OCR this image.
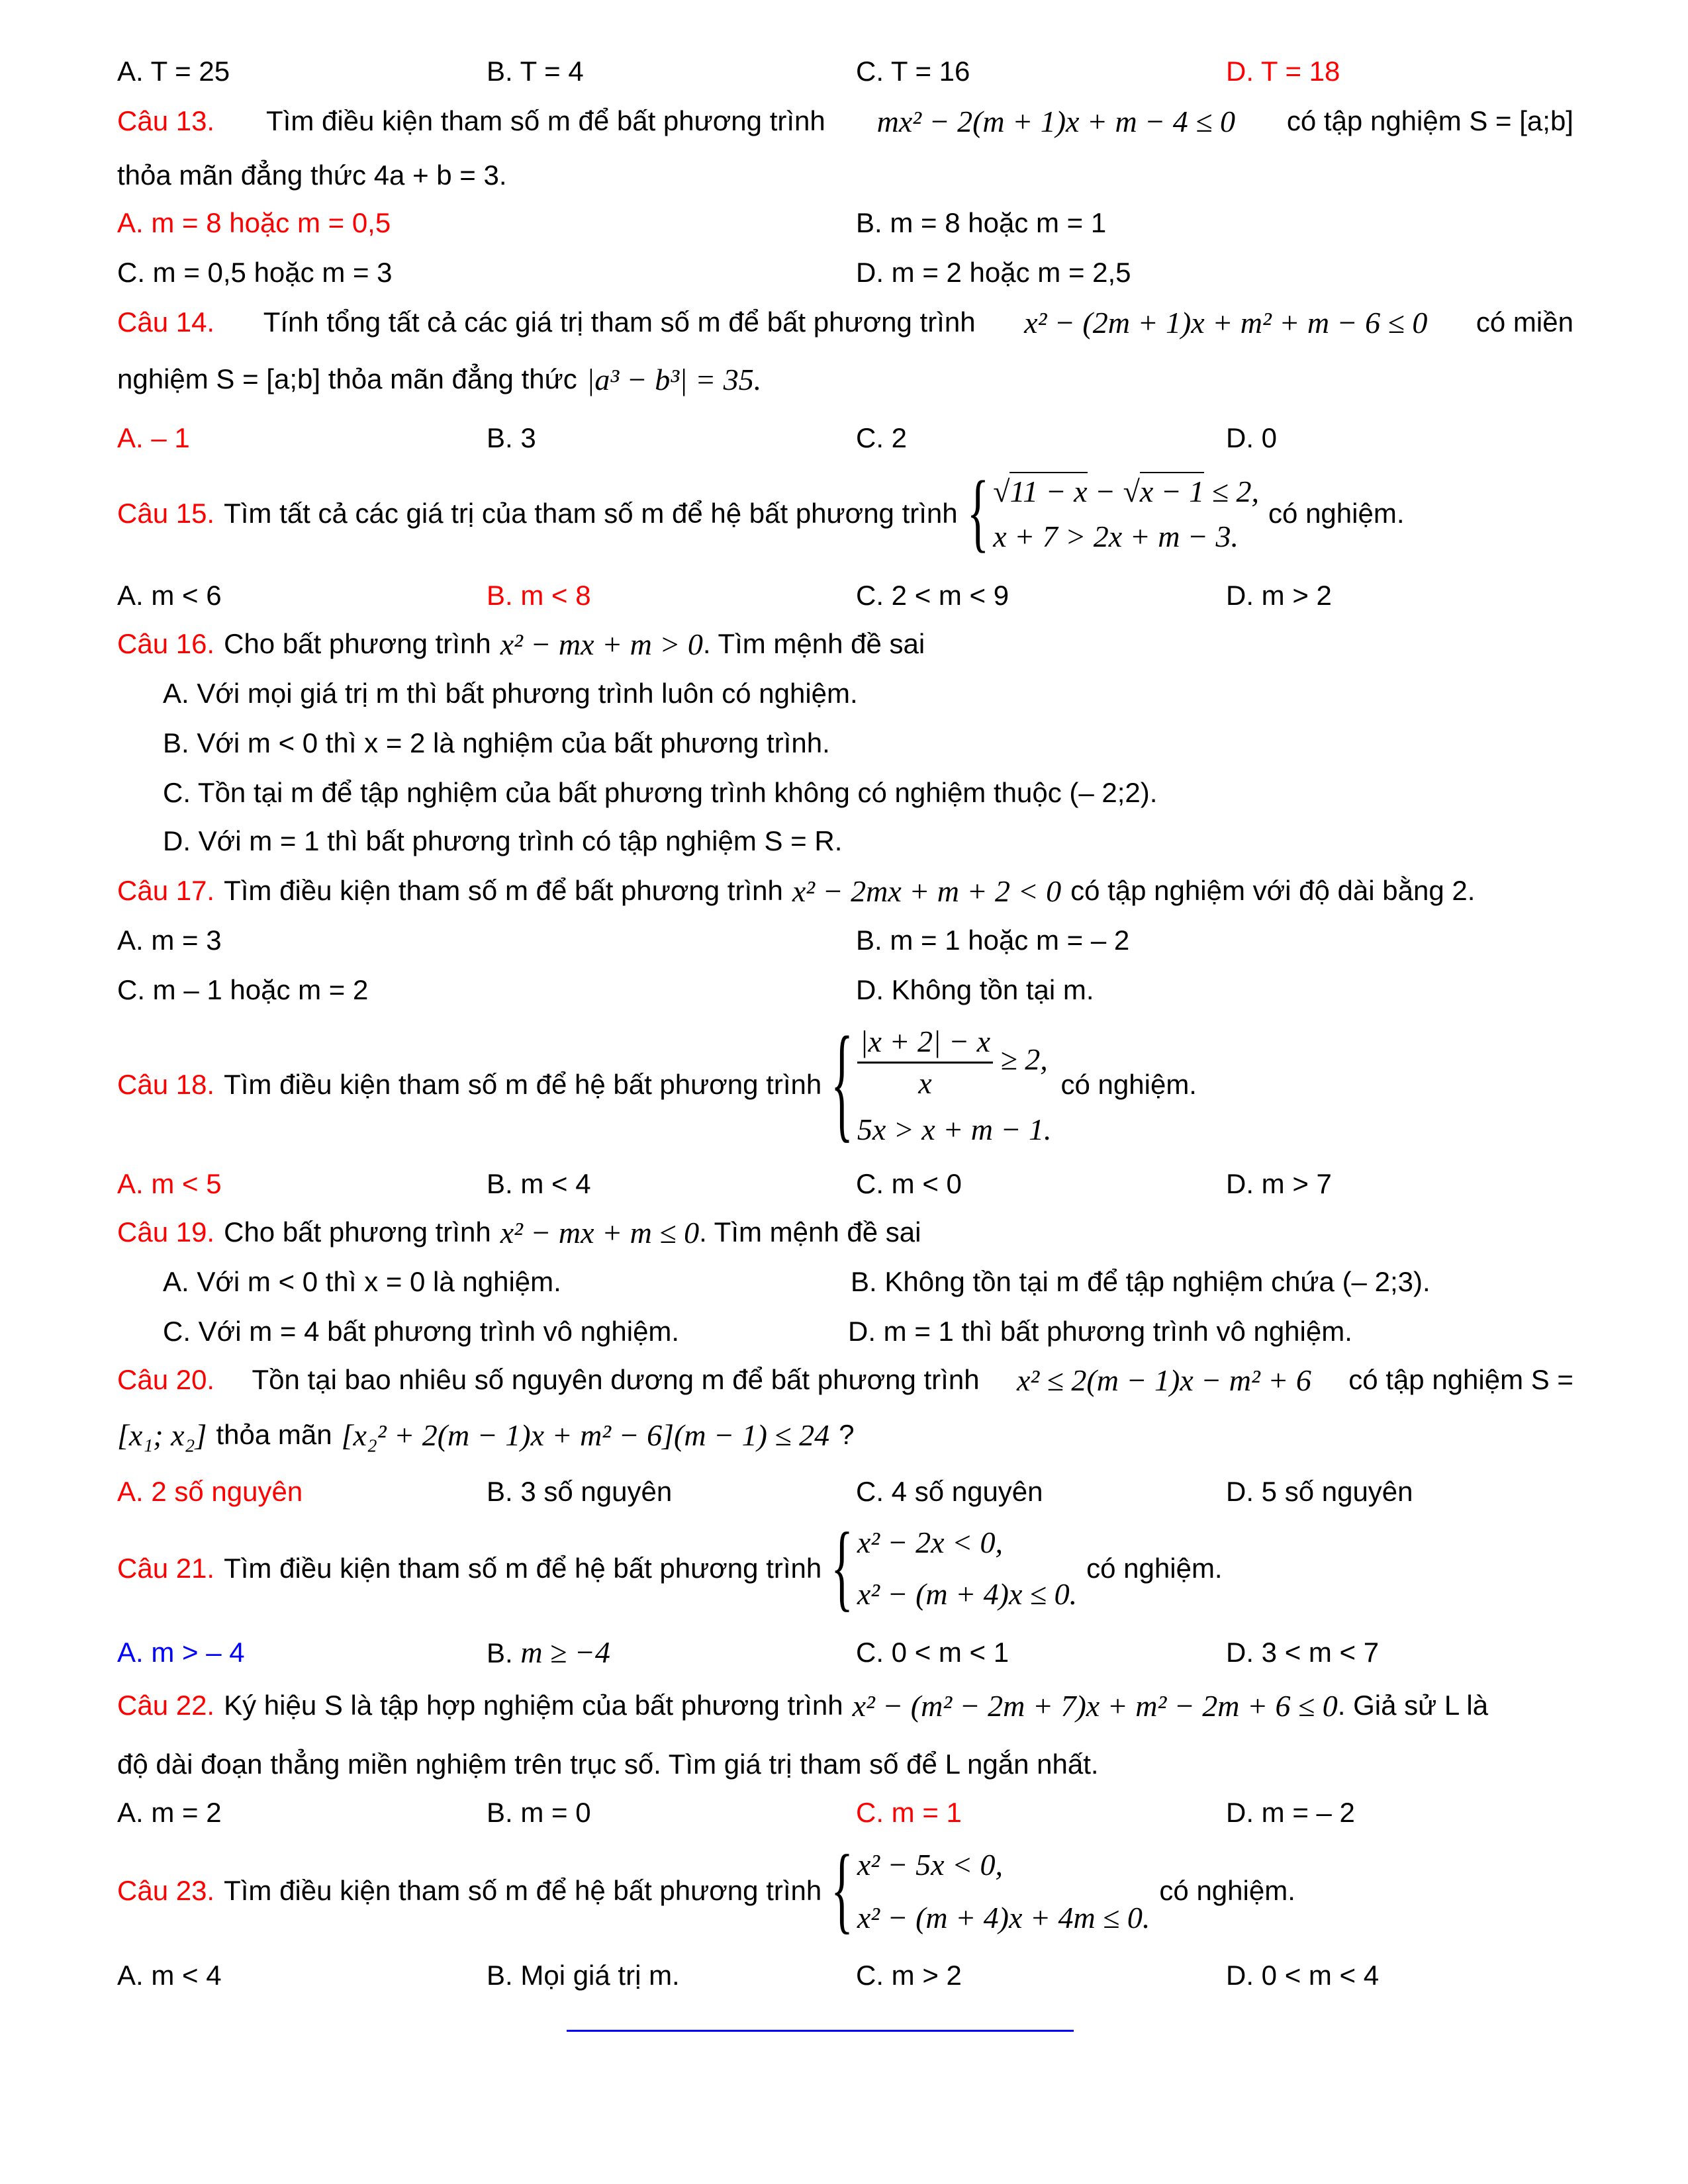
A. T = 25	B. T = 4	C. T = 16	D. T = 18
Câu 13. Tìm điều kiện tham số m để bất phương trình mx² − 2(m + 1)x + m − 4 ≤ 0 có tập nghiệm S = [a;b]
thỏa mãn đẳng thức 4a + b = 3.
A. m = 8 hoặc m = 0,5	B. m = 8 hoặc m = 1
C. m = 0,5 hoặc m = 3	D. m = 2 hoặc m = 2,5
Câu 14. Tính tổng tất cả các giá trị tham số m để bất phương trình x² − (2m + 1)x + m² + m − 6 ≤ 0 có miền
nghiệm S = [a;b] thỏa mãn đẳng thức |a³ − b³| = 35.
A. – 1	B. 3	C. 2	D. 0
Câu 15. Tìm tất cả các giá trị của tham số m để hệ bất phương trình { √11 − x − √x − 1 ≤ 2,
x + 7 > 2x + m − 3.
có nghiệm.
A. m < 6	B. m < 8	C. 2 < m < 9	D. m > 2
Câu 16. Cho bất phương trình x² − mx + m > 0 . Tìm mệnh đề sai
A. Với mọi giá trị m thì bất phương trình luôn có nghiệm.
B. Với m < 0 thì x = 2 là nghiệm của bất phương trình.
C. Tồn tại m để tập nghiệm của bất phương trình không có nghiệm thuộc (– 2;2).
D. Với m = 1 thì bất phương trình có tập nghiệm S = R.
Câu 17. Tìm điều kiện tham số m để bất phương trình x² − 2mx + m + 2 < 0 có tập nghiệm với độ dài bằng 2.
A. m = 3	B. m = 1 hoặc m = – 2
C. m – 1 hoặc m = 2	D. Không tồn tại m.
Câu 18. Tìm điều kiện tham số m để hệ bất phương trình { $\frac{|x + 2| - x}{x} \ge 2$,
5x > x + m − 1.
có nghiệm.
A. m < 5	B. m < 4	C. m < 0	D. m > 7
Câu 19. Cho bất phương trình x² − mx + m ≤ 0 . Tìm mệnh đề sai
A. Với m < 0 thì x = 0 là nghiệm.	B. Không tồn tại m để tập nghiệm chứa (– 2;3).
C. Với m = 4 bất phương trình vô nghiệm.	D. m = 1 thì bất phương trình vô nghiệm.
Câu 20. Tồn tại bao nhiêu số nguyên dương m để bất phương trình x² ≤ 2(m − 1)x − m² + 6 có tập nghiệm S =
[x₁; x₂] thỏa mãn [x₂² + 2(m − 1)x + m² − 6](m − 1) ≤ 24 ?
A. 2 số nguyên	B. 3 số nguyên	C. 4 số nguyên	D. 5 số nguyên
Câu 21. Tìm điều kiện tham số m để hệ bất phương trình { x² − 2x < 0,
x² − (m + 4)x ≤ 0.
có nghiệm.
A. m > – 4	B. m ≥ −4	C. 0 < m < 1	D. 3 < m < 7
Câu 22. Ký hiệu S là tập hợp nghiệm của bất phương trình x² − (m² − 2m + 7)x + m² − 2m + 6 ≤ 0 . Giả sử L là
độ dài đoạn thẳng miền nghiệm trên trục số. Tìm giá trị tham số để L ngắn nhất.
A. m = 2	B. m = 0	C. m = 1	D. m = – 2
Câu 23. Tìm điều kiện tham số m để hệ bất phương trình { x² − 5x < 0,
x² − (m + 4)x + 4m ≤ 0.
có nghiệm.
A. m < 4	B. Mọi giá trị m.	C. m > 2	D. 0 < m < 4
